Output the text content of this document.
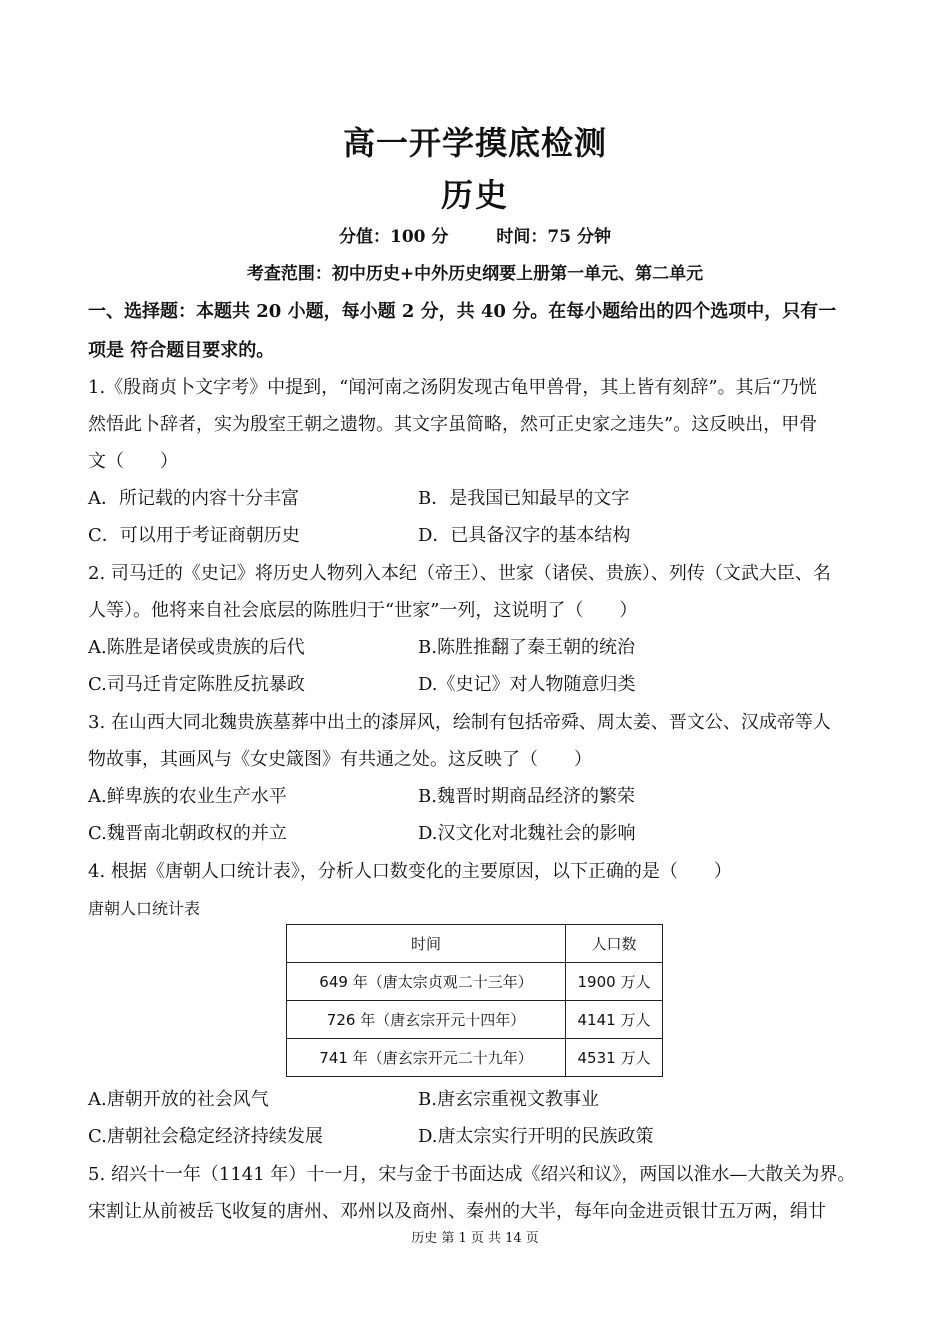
高一开学摸底检测
历史
分值：100 分	时间：75 分钟
考查范围：初中历史+中外历史纲要上册第一单元、第二单元
一、选择题：本题共 20 小题，每小题 2 分，共 40 分。在每小题给出的四个选项中，只有一
项是 符合题目要求的。
1.《殷商贞卜文字考》中提到，“闻河南之汤阴发现古龟甲兽骨，其上皆有刻辞”。其后“乃恍
然悟此卜辞者，实为殷室王朝之遗物。其文字虽简略，然可正史家之违失”。这反映出，甲骨
文（　　）
A．所记载的内容十分丰富	B．是我国已知最早的文字
C．可以用于考证商朝历史	D．已具备汉字的基本结构
2. 司马迁的《史记》将历史人物列入本纪（帝王）、世家（诸侯、贵族）、列传（文武大臣、名
人等）。他将来自社会底层的陈胜归于“世家”一列，这说明了（　　）
A.陈胜是诸侯或贵族的后代	B.陈胜推翻了秦王朝的统治
C.司马迁肯定陈胜反抗暴政	D.《史记》对人物随意归类
3. 在山西大同北魏贵族墓葬中出土的漆屏风，绘制有包括帝舜、周太姜、晋文公、汉成帝等人
物故事，其画风与《女史箴图》有共通之处。这反映了（　　）
A.鲜卑族的农业生产水平	B.魏晋时期商品经济的繁荣
C.魏晋南北朝政权的并立	D.汉文化对北魏社会的影响
4. 根据《唐朝人口统计表》，分析人口数变化的主要原因，以下正确的是（　　）
唐朝人口统计表
时间	人口数
649 年（唐太宗贞观二十三年）	1900 万人
726 年（唐玄宗开元十四年）	4141 万人
741 年（唐玄宗开元二十九年）	4531 万人
A.唐朝开放的社会风气	B.唐玄宗重视文教事业
C.唐朝社会稳定经济持续发展	D.唐太宗实行开明的民族政策
5. 绍兴十一年（1141 年）十一月，宋与金于书面达成《绍兴和议》，两国以淮水—大散关为界。
宋割让从前被岳飞收复的唐州、邓州以及商州、秦州的大半，每年向金进贡银廿五万两，绢廿
历史 第 1 页 共 14 页
